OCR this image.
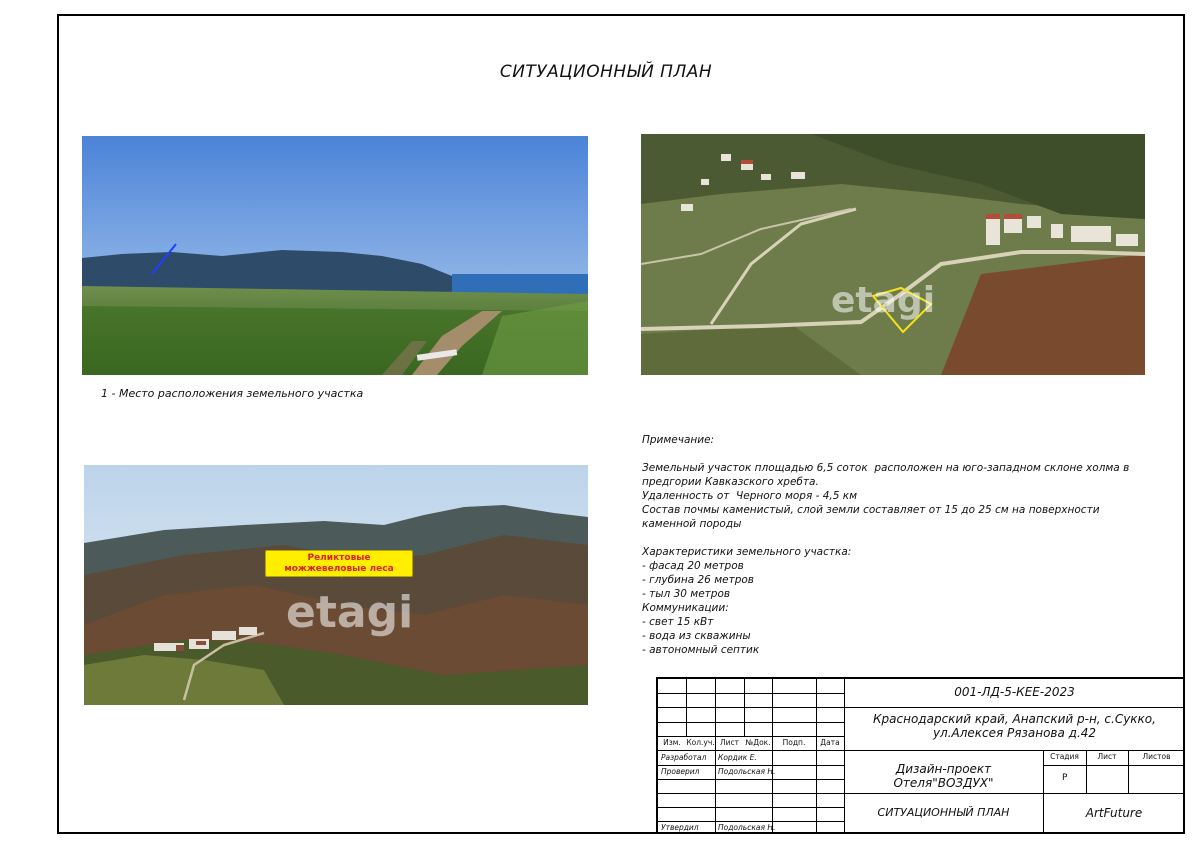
СИТУАЦИОННЫЙ ПЛАН
etagi
1 - Место расположения земельного участка
etagi
Реликтовые можжевеловые леса
Примечание:
Земельный участок площадью 6,5 соток  расположен на юго-западном склоне холма в предгории Кавказского хребта.
Удаленность от  Черного моря - 4,5 км
Состав почмы каменистый, слой земли составляет от 15 до 25 см на поверхности каменной породы
Характеристики земельного участка:
- фасад 20 метров
- глубина 26 метров
- тыл 30 метров
Коммуникации:
- свет 15 кВт
- вода из скважины
- автономный септик
001-ЛД-5-КЕЕ-2023
Краснодарский край, Анапский р-н, с.Сукко,
ул.Алексея Рязанова д.42
Изм. Кол.уч. Лист №Док.	Подп.	Дата
Разработал Кордик Е.
Проверил Подольская Н.
Утвердил	Подольская Н.
Дизайн-проект Отеля"ВОЗДУХ"
Стадия	Лист	Листов
Р
СИТУАЦИОННЫЙ ПЛАН	ArtFuture
